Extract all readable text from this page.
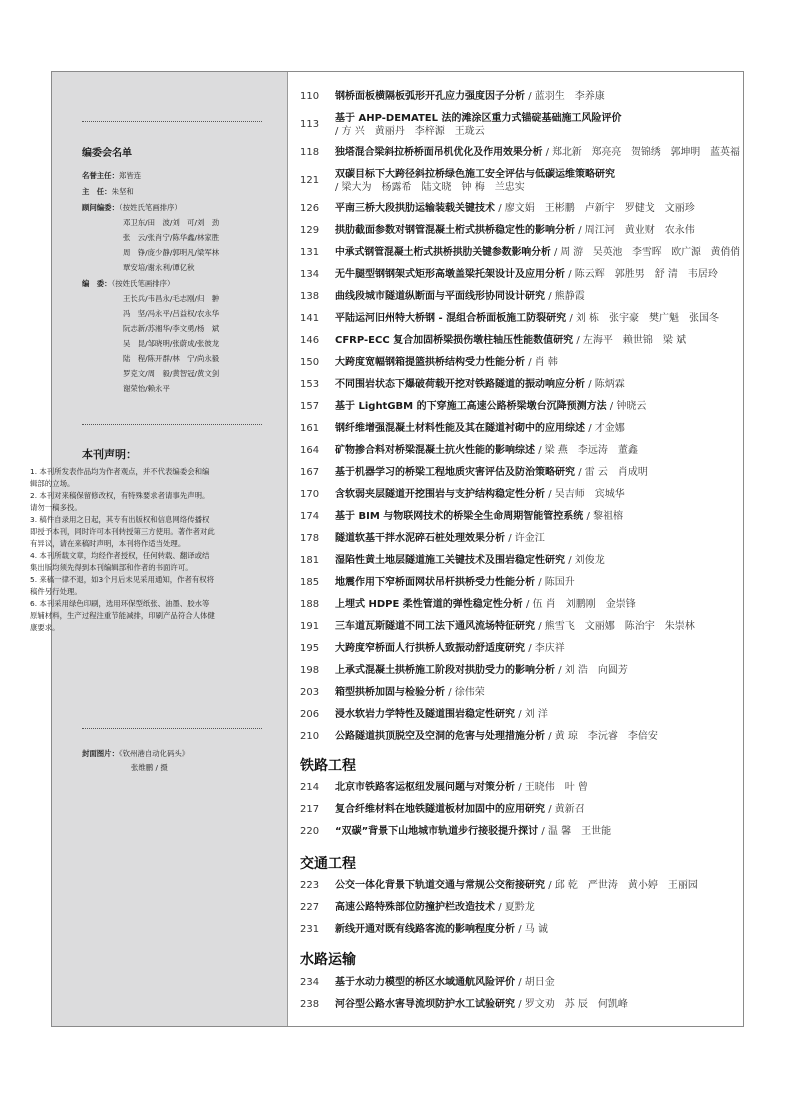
编委会名单
名誉主任：郑皆连
主　任：朱坚和
顾问编委：（按姓氏笔画排序）
邓卫东/田　波/刘　可/刘　劲
张　云/张肖宁/陈华鑫/林家胜
周　铮/庞少静/郭明凡/梁军林
覃安培/谢永利/谭亿秋
编　委：（按姓氏笔画排序）
王长兵/韦昌永/毛志刚/归　翀
冯　坚/冯永平/吕益权/农永华
阮志新/苏湘华/李文勇/杨　斌
吴　昆/邹晓明/张蔚成/张彼龙
陆　程/陈开群/林　宁/尚永毅
罗克文/周　毅/黄智冠/黄文剑
谢荣怡/赖永平
本刊声明：

1. 本刊所发表作品均为作者观点，并不代表编委会和编辑部的立场。

2. 本刊对来稿保留修改权，有特殊要求者请事先声明。请勿一稿多投。

3. 稿件自录用之日起，其专有出版权和信息网络传播权即授予本刊，同时许可本刊转授第三方使用。著作者对此有异议，请在来稿时声明，本刊将作适当处理。

4. 本刊所载文章，均经作者授权，任何转载、翻译或结集出版均须先得到本刊编辑部和作者的书面许可。

5. 来稿一律不退，如3个月后未见采用通知，作者有权将稿件另行处理。

6. 本刊采用绿色印刷，选用环保型纸张、油墨、胶水等原辅材料，生产过程注重节能减排，印刷产品符合人体健康要求。

封面图片：《钦州港自动化码头》
张维鹏 / 摄
110	钢桥面板横隔板弧形开孔应力强度因子分析 / 蓝羽生　李养康
113
基于 AHP-DEMATEL 法的滩涂区重力式锚碇基础施工风险评价
/ 方 兴　黄丽丹　李梓源　王珑云
118	独塔混合梁斜拉桥桥面吊机优化及作用效果分析 / 郑北新　郑亮亮　贺锦绣　郭坤明　蓝英福
121
双碳目标下大跨径斜拉桥绿色施工安全评估与低碳运维策略研究
/ 梁大为　杨露希　陆文晓　钟 梅　兰忠实
126	平南三桥大段拱肋运输装载关键技术 / 廖文娟　王彬鹏　卢新宇　罗健戈　文丽珍
129	拱肋截面参数对钢管混凝土桁式拱桥稳定性的影响分析 / 周江河　黄业财　农永伟
131	中承式钢管混凝土桁式拱桥拱肋关键参数影响分析 / 周 游　吴英池　李雪晖　欧广源　黄俏俏
134	无牛腿型钢钢架式矩形高墩盖梁托架设计及应用分析 / 陈云辉　郭胜男　舒 清　韦居玲
138	曲线段城市隧道纵断面与平面线形协同设计研究 / 熊静霞
141	平陆运河旧州特大桥钢 - 混组合桥面板施工防裂研究 / 刘 栋　张宇豪　樊广魁　张国冬
146	CFRP-ECC 复合加固桥梁损伤墩柱轴压性能数值研究 / 左海平　赖世锦　梁 斌
150	大跨度宽幅钢箱提篮拱桥结构受力性能分析 / 肖 韩
153	不同围岩状态下爆破荷载开挖对铁路隧道的振动响应分析 / 陈炳霖
157	基于 LightGBM 的下穿施工高速公路桥梁墩台沉降预测方法 / 钟晓云
161	钢纤维增强混凝土材料性能及其在隧道衬砌中的应用综述 / 才金娜
164	矿物掺合料对桥梁混凝土抗火性能的影响综述 / 梁 燕　李远涛　董鑫
167	基于机器学习的桥梁工程地质灾害评估及防治策略研究 / 雷 云　肖成明
170	含软弱夹层隧道开挖围岩与支护结构稳定性分析 / 吴吉师　宾城华
174	基于 BIM 与物联网技术的桥梁全生命周期智能管控系统 / 黎祖榕
178	隧道软基干拌水泥碎石桩处理效果分析 / 许金江
181	湿陷性黄土地层隧道施工关键技术及围岩稳定性研究 / 刘俊龙
185	地震作用下窄桥面网状吊杆拱桥受力性能分析 / 陈国升
188	上埋式 HDPE 柔性管道的弹性稳定性分析 / 伍 肖　刘鹏刚　金崇锋
191	三车道瓦斯隧道不同工法下通风流场特征研究 / 熊雪飞　文丽娜　陈治宇　朱崇林
195	大跨度窄桥面人行拱桥人致振动舒适度研究 / 李庆祥
198	上承式混凝土拱桥施工阶段对拱肋受力的影响分析 / 刘 浩　向圆芳
203	箱型拱桥加固与检验分析 / 徐伟荣
206	浸水软岩力学特性及隧道围岩稳定性研究 / 刘 洋
210	公路隧道拱顶脱空及空洞的危害与处理措施分析 / 黄 琼　李沅睿　李倍安
铁路工程
214	北京市铁路客运枢纽发展问题与对策分析 / 王晓伟　叶 曾
217	复合纤维材料在地铁隧道板材加固中的应用研究 / 黄新召
220	“双碳”背景下山地城市轨道步行接驳提升探讨 / 温 馨　王世能
交通工程
223	公交一体化背景下轨道交通与常规公交衔接研究 / 邱 乾　严世涛　黄小婷　王丽园
227	高速公路特殊部位防撞护栏改造技术 / 夏黔龙
231	新线开通对既有线路客流的影响程度分析 / 马 诚
水路运输
234	基于水动力模型的桥区水域通航风险评价 / 胡日金
238	河谷型公路水害导流坝防护水工试验研究 / 罗文劝　苏 辰　何凯峰
